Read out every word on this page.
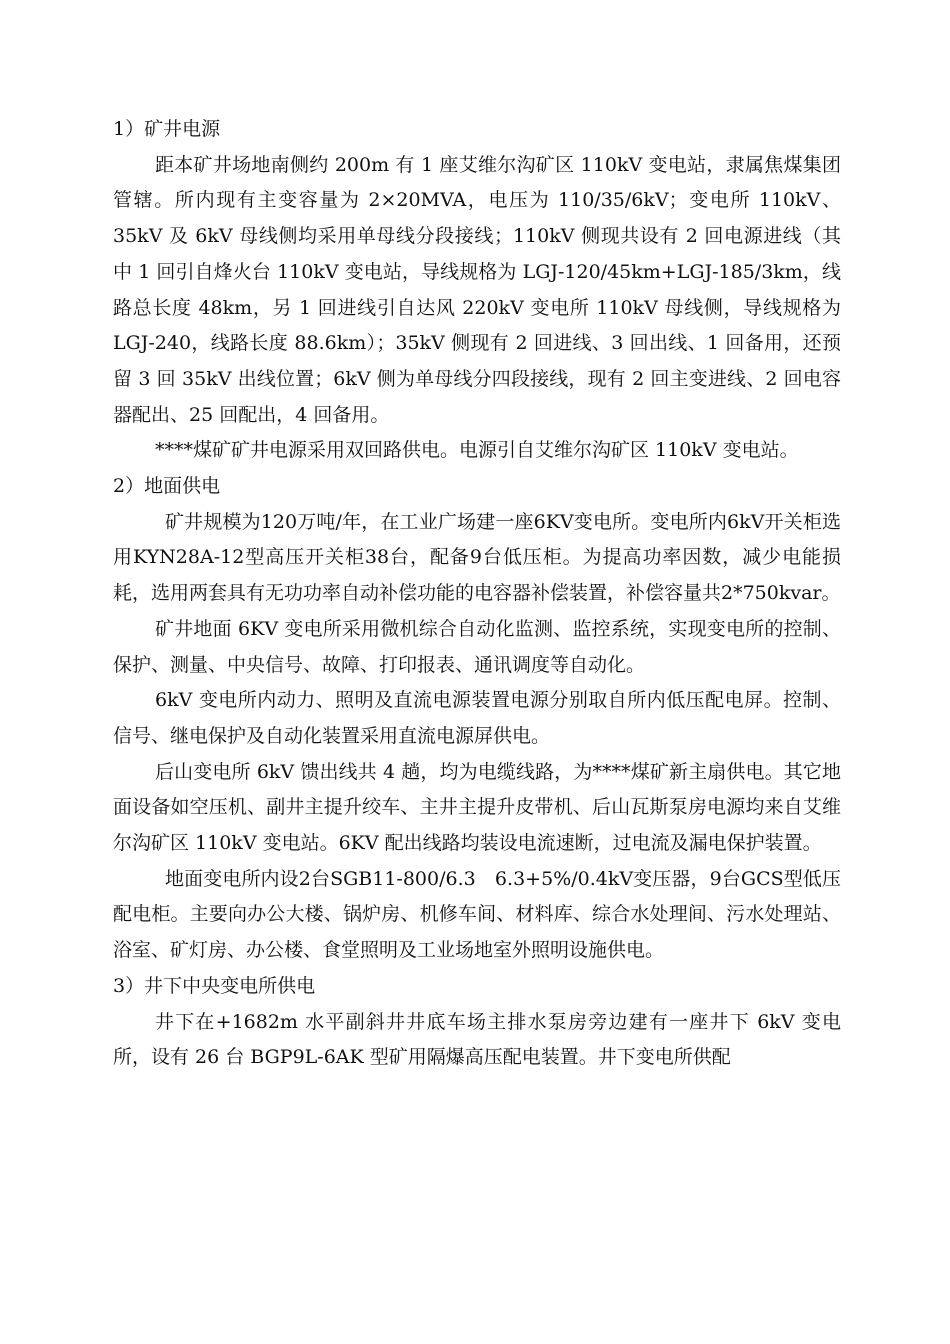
1）矿井电源

距本矿井场地南侧约 200m 有 1 座艾维尔沟矿区 110kV 变电站，隶属焦煤集团管辖。所内现有主变容量为 2×20MVA，电压为 110/35/6kV；变电所 110kV、35kV 及 6kV 母线侧均采用单母线分段接线；110kV 侧现共设有 2 回电源进线（其中 1 回引自烽火台 110kV 变电站，导线规格为 LGJ-120/45km+LGJ-185/3km，线路总长度 48km，另 1 回进线引自达风 220kV 变电所 110kV 母线侧，导线规格为 LGJ-240，线路长度 88.6km）；35kV 侧现有 2 回进线、3 回出线、1 回备用，还预留 3 回 35kV 出线位置；6kV 侧为单母线分四段接线，现有 2 回主变进线、2 回电容器配出、25 回配出，4 回备用。

****煤矿矿井电源采用双回路供电。电源引自艾维尔沟矿区 110kV 变电站。

2）地面供电

矿井规模为120万吨/年，在工业广场建一座6KV变电所。变电所内6kV开关柜选用KYN28A-12型高压开关柜38台，配备9台低压柜。为提高功率因数，减少电能损耗，选用两套具有无功功率自动补偿功能的电容器补偿装置，补偿容量共2*750kvar。

矿井地面 6KV 变电所采用微机综合自动化监测、监控系统，实现变电所的控制、保护、测量、中央信号、故障、打印报表、通讯调度等自动化。

6kV 变电所内动力、照明及直流电源装置电源分别取自所内低压配电屏。控制、信号、继电保护及自动化装置采用直流电源屏供电。

后山变电所 6kV 馈出线共 4 趟，均为电缆线路，为****煤矿新主扇供电。其它地面设备如空压机、副井主提升绞车、主井主提升皮带机、后山瓦斯泵房电源均来自艾维尔沟矿区 110kV 变电站。6KV 配出线路均装设电流速断，过电流及漏电保护装置。

地面变电所内设2台SGB11-800/6.3　6.3+5%/0.4kV变压器，9台GCS型低压配电柜。主要向办公大楼、锅炉房、机修车间、材料库、综合水处理间、污水处理站、浴室、矿灯房、办公楼、食堂照明及工业场地室外照明设施供电。

3）井下中央变电所供电

井下在+1682m 水平副斜井井底车场主排水泵房旁边建有一座井下 6kV 变电所，设有 26 台 BGP9L-6AK 型矿用隔爆高压配电装置。井下变电所供配
